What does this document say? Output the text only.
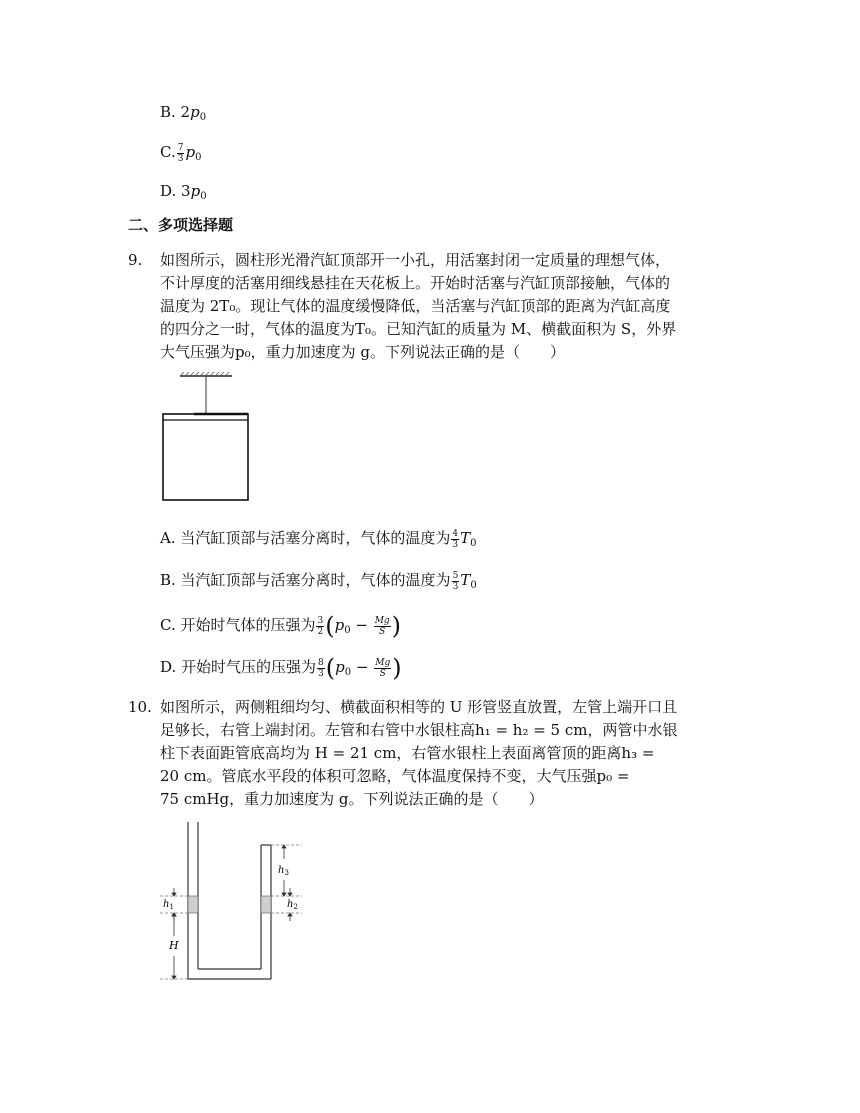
B. $2p_0$
C. $\frac{7}{3} p_0$
D. $3p_0$
二、多项选择题
9. 如图所示，圆柱形光滑汽缸顶部开一小孔，用活塞封闭一定质量的理想气体，
不计厚度的活塞用细线悬挂在天花板上。开始时活塞与汽缸顶部接触，气体的
温度为 2T₀。现让气体的温度缓慢降低，当活塞与汽缸顶部的距离为汽缸高度
的四分之一时，气体的温度为T₀。已知汽缸的质量为 M、横截面积为 S，外界
大气压强为p₀，重力加速度为 g。下列说法正确的是（　　）
A. 当汽缸顶部与活塞分离时，气体的温度为 $\frac{4}{3} T_0$
B. 当汽缸顶部与活塞分离时，气体的温度为 $\frac{5}{3} T_0$
C. 开始时气体的压强为 $\frac{3}{2} (p_0 - \frac{Mg}{S}$ )
D. 开始时气压的压强为 $\frac{8}{3} (p_0 - \frac{Mg}{S}$ )
10. 如图所示，两侧粗细均匀、横截面积相等的 U 形管竖直放置，左管上端开口且
足够长，右管上端封闭。左管和右管中水银柱高h₁ = h₂ = 5 cm，两管中水银
柱下表面距管底高均为 H = 21 cm，右管水银柱上表面离管顶的距离h₃ =
20 cm。管底水平段的体积可忽略，气体温度保持不变，大气压强p₀ =
75 cmHg，重力加速度为 g。下列说法正确的是（　　）
$h_1$
H
$h_3$
$h_2$
